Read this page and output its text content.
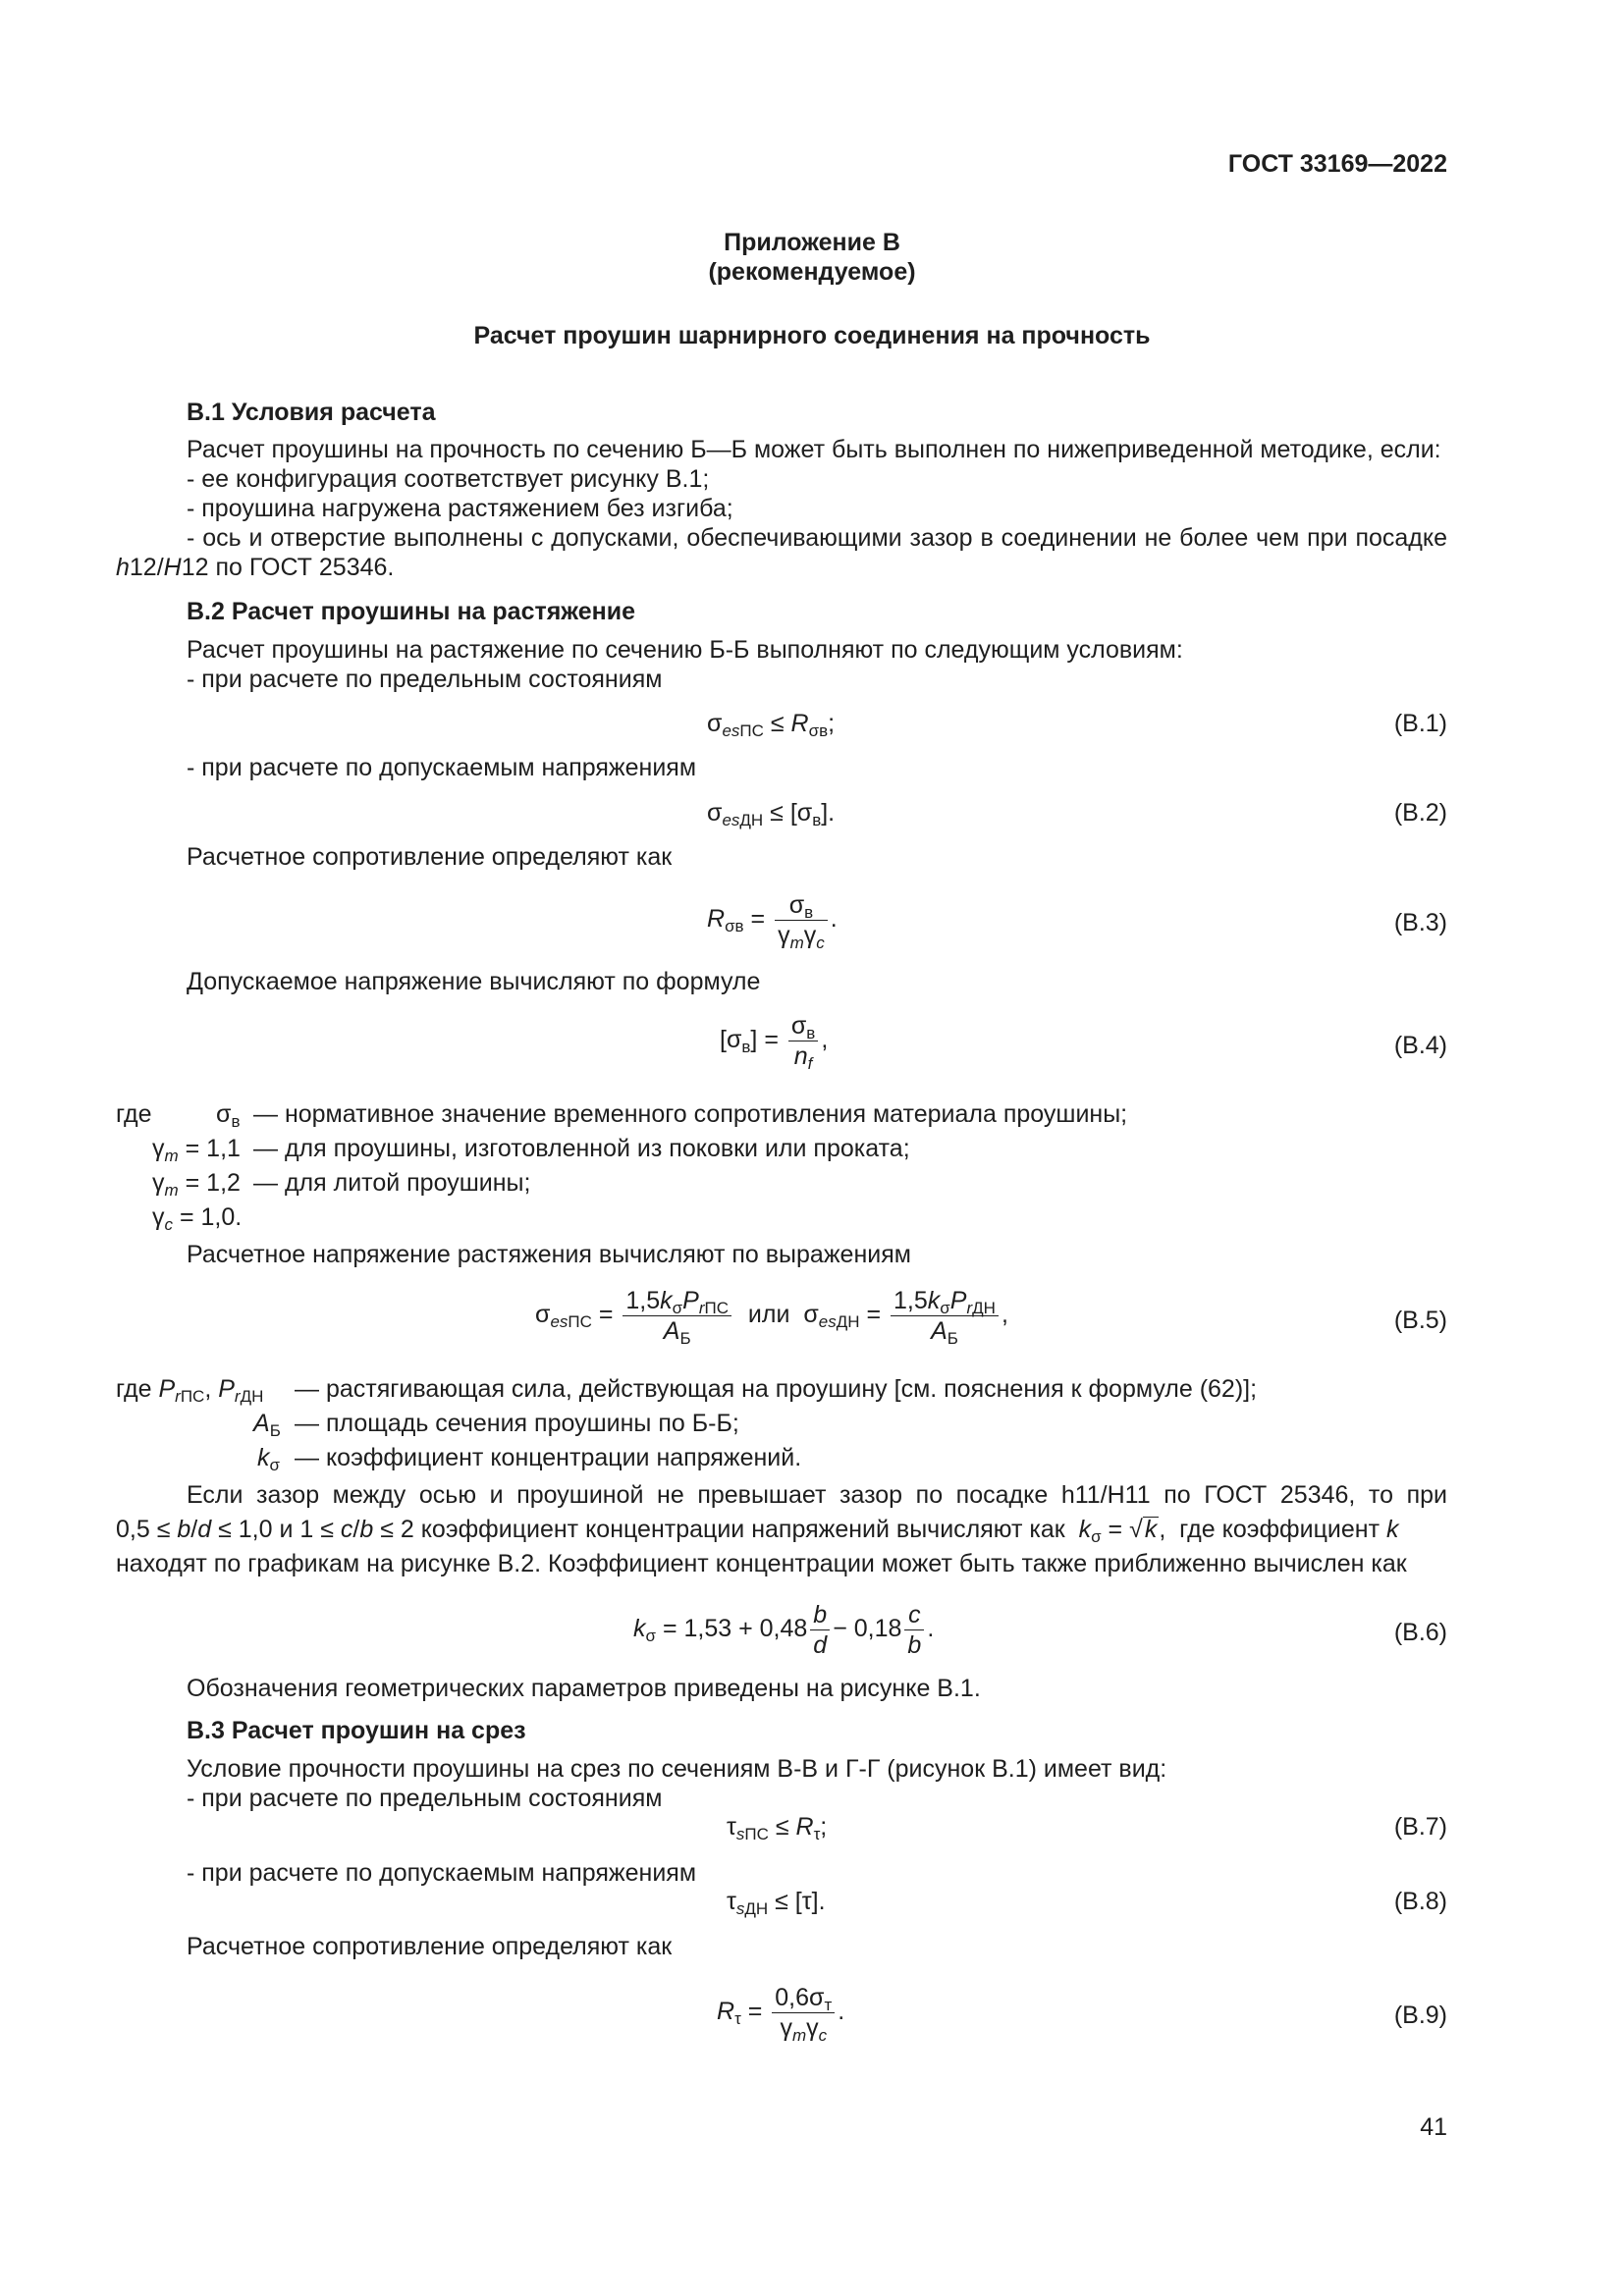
ГОСТ 33169—2022
Приложение В
(рекомендуемое)
Расчет проушин шарнирного соединения на прочность
В.1 Условия расчета
Расчет проушины на прочность по сечению Б—Б может быть выполнен по нижеприведенной методике, если:
- ее конфигурация соответствует рисунку В.1;
- проушина нагружена растяжением без изгиба;
- ось и отверстие выполнены с допусками, обеспечивающими зазор в соединении не более чем при посадке
h12/H12 по ГОСТ 25346.
В.2 Расчет проушины на растяжение
Расчет проушины на растяжение по сечению Б-Б выполняют по следующим условиям:
- при расчете по предельным состояниям
$\sigma_{esПС} \le R_{\sigma в}$;	(В.1)
- при расчете по допускаемым напряжениям
$\sigma_{esДН} \le [\sigma_в]$.	(В.2)
Расчетное сопротивление определяют как
$R_{\sigma в} = \frac{\sigma_в}{\gamma_m\gamma_c}$ .	(В.3)
Допускаемое напряжение вычисляют по формуле
$[\sigma_в] = \frac{\sigma_в}{n_f}$ ,	(В.4)
где	$\sigma_в$ — нормативное значение временного сопротивления материала проушины;
$\gamma_m = 1,1$ — для проушины, изготовленной из поковки или проката;
$\gamma_m = 1,2$ — для литой проушины;
$\gamma_c = 1,0$.
Расчетное напряжение растяжения вычисляют по выражениям
$\sigma_{esПС} = \frac{1,5k_\sigma P_{rПС}}{A_Б}$ или  $\sigma_{esДН} = \frac{1,5k_\sigma P_{rДН}}{A_Б}$ ,	(В.5)
где $P_{rПС}$, $P_{rДН}$ — растягивающая сила, действующая на проушину [см. пояснения к формуле (62)];
$A_Б$ — площадь сечения проушины по Б-Б;
$k_\sigma$ — коэффициент концентрации напряжений.
Если зазор между осью и проушиной не превышает зазор по посадке h11/H11 по ГОСТ 25346, то при
0,5 ≤ b/d ≤ 1,0 и 1 ≤ c/b ≤ 2 коэффициент концентрации напряжений вычисляют как  $k_\sigma = √k$,  где коэффициент k
находят по графикам на рисунке В.2. Коэффициент концентрации может быть также приближенно вычислен как
$k_\sigma = 1,53 + 0,48 \frac{b}{d} - 0,18 \frac{c}{b}$ .	(В.6)
Обозначения геометрических параметров приведены на рисунке В.1.
В.3 Расчет проушин на срез
Условие прочности проушины на срез по сечениям В-В и Г-Г (рисунок В.1) имеет вид:
- при расчете по предельным состояниям
$\tau_{sПС} \le R_\tau$;	(В.7)
- при расчете по допускаемым напряжениям
$\tau_{sДН} \le [\tau]$.	(В.8)
Расчетное сопротивление определяют как
$R_\tau = \frac{0,6\sigma_т}{\gamma_m\gamma_c}$ .	(В.9)
41
